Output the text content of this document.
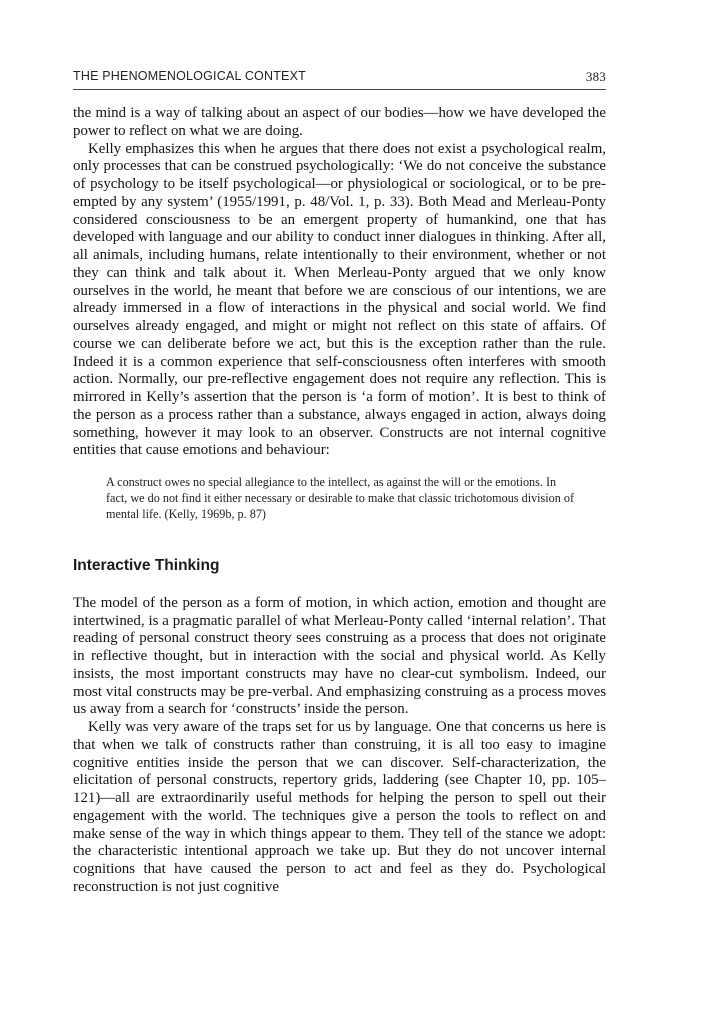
THE PHENOMENOLOGICAL CONTEXT	383

the mind is a way of talking about an aspect of our bodies—how we have developed the power to reflect on what we are doing.

Kelly emphasizes this when he argues that there does not exist a psychological realm, only processes that can be construed psychologically: ‘We do not conceive the substance of psychology to be itself psychological—or physiological or sociological, or to be pre-empted by any system’ (1955/1991, p. 48/Vol. 1, p. 33). Both Mead and Merleau-Ponty considered consciousness to be an emergent property of humankind, one that has developed with language and our ability to conduct inner dialogues in thinking. After all, all animals, including humans, relate intentionally to their environment, whether or not they can think and talk about it. When Merleau-Ponty argued that we only know ourselves in the world, he meant that before we are conscious of our intentions, we are already immersed in a flow of interactions in the physical and social world. We find ourselves already engaged, and might or might not reflect on this state of affairs. Of course we can deliberate before we act, but this is the exception rather than the rule. Indeed it is a common experience that self-consciousness often interferes with smooth action. Normally, our pre-reflective engagement does not require any reflection. This is mirrored in Kelly’s assertion that the person is ‘a form of motion’. It is best to think of the person as a process rather than a substance, always engaged in action, always doing something, however it may look to an observer. Constructs are not internal cognitive entities that cause emotions and behaviour:

A construct owes no special allegiance to the intellect, as against the will or the emotions. In fact, we do not find it either necessary or desirable to make that classic trichotomous division of mental life. (Kelly, 1969b, p. 87)

Interactive Thinking

The model of the person as a form of motion, in which action, emotion and thought are intertwined, is a pragmatic parallel of what Merleau-Ponty called ‘internal relation’. That reading of personal construct theory sees construing as a process that does not originate in reflective thought, but in interaction with the social and physical world. As Kelly insists, the most important constructs may have no clear-cut symbolism. Indeed, our most vital constructs may be pre-verbal. And emphasizing construing as a process moves us away from a search for ‘constructs’ inside the person.

Kelly was very aware of the traps set for us by language. One that concerns us here is that when we talk of constructs rather than construing, it is all too easy to imagine cognitive entities inside the person that we can discover. Self-characterization, the elicitation of personal constructs, repertory grids, laddering (see Chapter 10, pp. 105–121)—all are extraordinarily useful methods for helping the person to spell out their engagement with the world. The techniques give a person the tools to reflect on and make sense of the way in which things appear to them. They tell of the stance we adopt: the characteristic intentional approach we take up. But they do not uncover internal cognitions that have caused the person to act and feel as they do. Psychological reconstruction is not just cognitive
